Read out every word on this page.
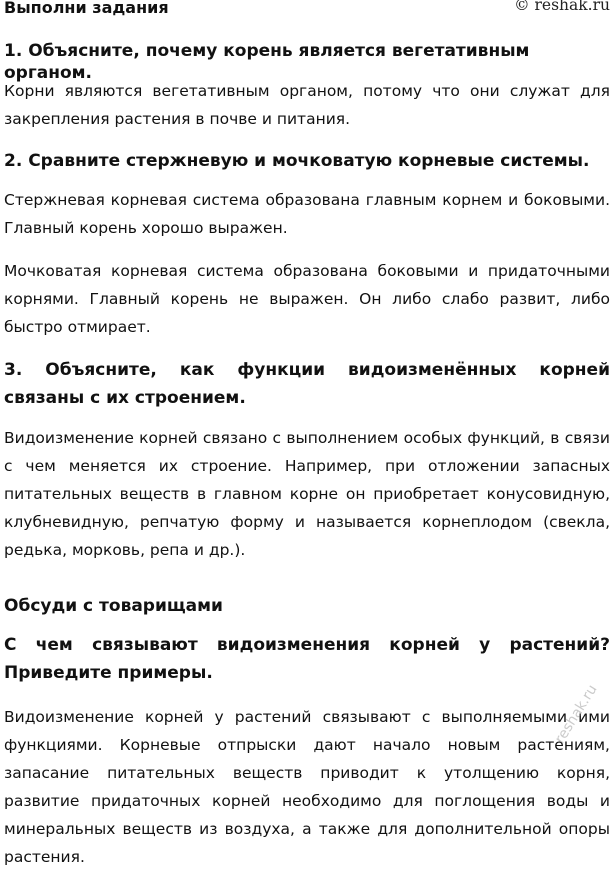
Выполни задания	© reshak.ru
1. Объясните, почему корень является вегетативным органом.

Корни являются вегетативным органом, потому что они служат для закрепления растения в почве и питания.

2. Сравните стержневую и мочковатую корневые системы.

Стержневая корневая система образована главным корнем и боковыми. Главный корень хорошо выражен.

Мочковатая корневая система образована боковыми и придаточными корнями. Главный корень не выражен. Он либо слабо развит, либо быстро отмирает.

3. Объясните, как функции видоизменённых корней связаны с их строением.

Видоизменение корней связано с выполнением особых функций, в связи с чем меняется их строение. Например, при отложении запасных питательных веществ в главном корне он приобретает конусовидную, клубневидную, репчатую форму и называется корнеплодом (свекла, редька, морковь, репа и др.).

Обсуди с товарищами
С чем связывают видоизменения корней у растений? Приведите примеры.

Видоизменение корней у растений связывают с выполняемыми ими функциями. Корневые отпрыски дают начало новым растениям, запасание питательных веществ приводит к утолщению корня, развитие придаточных корней необходимо для поглощения воды и минеральных веществ из воздуха, а также для дополнительной опоры растения.

reshak.ru
